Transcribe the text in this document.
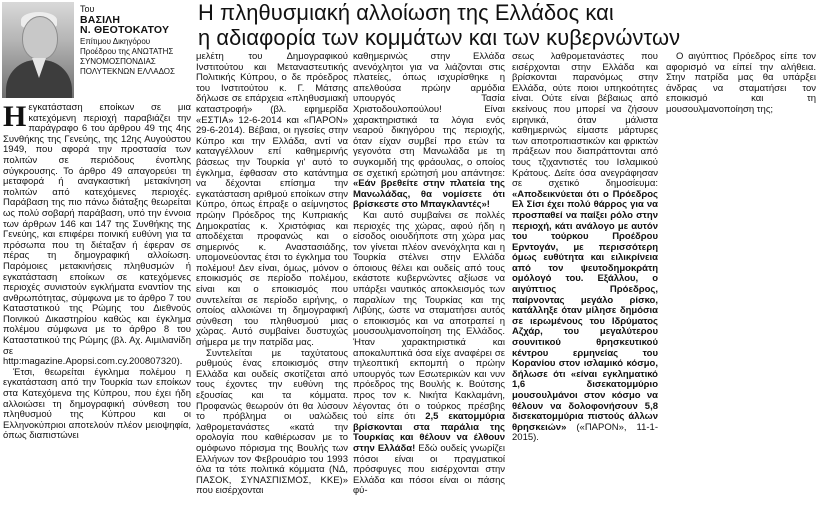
Του
ΒΑΣΙΛΗ
Ν. ΘΕΟΤΟΚΑΤΟΥ
Επίτιμου Δικηγόρου
Προέδρου της ΑΝΩΤΑΤΗΣ
ΣΥΝΟΜΟΣΠΟΝΔΙΑΣ
ΠΟΛΥΤΕΚΝΩΝ ΕΛΛΑΔΟΣ
Η πληθυσμιακή αλλοίωση της Ελλάδος και
η αδιαφορία των κομμάτων και των κυβερνώντων

Ηεγκατάσταση εποίκων σε μια κατεχόμενη περιοχή παραβιάζει την παράγραφο 6 του άρθρου 49 της 4ης Συνθήκης της Γενεύης, της 12ης Αυγούστου 1949, που αφορά την προστασία των πολιτών σε περιόδους ένοπλης σύγκρουσης. Το άρθρο 49 απαγορεύει τη μεταφορά ή αναγκαστική μετακίνηση πολιτών από κατεχόμενες περιοχές. Παράβαση της πιο πάνω διάταξης θεωρείται ως πολύ σοβαρή παράβαση, υπό την έννοια των άρθρων 146 και 147 της Συνθήκης της Γενεύης, και επιφέρει ποινική ευθύνη για τα πρόσωπα που τη διέταξαν ή έφεραν σε πέρας τη δημογραφική αλλοίωση. Παρόμοιες μετακινήσεις πληθυσμών ή εγκατάσταση εποίκων σε κατεχόμενες περιοχές συνιστούν εγκλήματα εναντίον της ανθρωπότητας, σύμφωνα με το άρθρο 7 του Καταστατικού της Ρώμης του Διεθνούς Ποινικού Δικαστηρίου καθώς και έγκλημα πολέμου σύμφωνα με το άρθρο 8 του Καταστατικού της Ρώμης (βλ. Αχ. Αιμιλιανίδη σε http:magazine.Apopsi.com.cy.200807320).

Έτσι, θεωρείται έγκλημα πολέμου η εγκατάσταση από την Τουρκία των εποίκων στα Κατεχόμενα της Κύπρου, που έχει ήδη αλλοιώσει τη δημογραφική σύνθεση του πληθυσμού της Κύπρου και οι Ελληνοκύπριοι αποτελούν πλέον μειοψηφία, όπως διαπιστώνει

μελέτη του Δημογραφικού Ινστιτούτου και Μεταναστευτικής Πολιτικής Κύπρου, ο δε πρόεδρος του Ινστιτούτου κ. Γ. Μάτσης δήλωσε σε επάρχεια «πληθυσμιακή καταστροφή» (βλ. εφημερίδα «ΕΣΤΙΑ» 12-6-2014 και «ΠΑΡΟΝ» 29-6-2014). Βέβαια, οι ηγεσίες στην Κύπρο και την Ελλάδα, αντί να καταγγέλλουν επί καθημερινής βάσεως την Τουρκία γι' αυτό το έγκλημα, έφθασαν στο κατάντημα να δέχονται επίσημα την εγκατάσταση αριθμού εποίκων στην Κύπρο, όπως έπραξε ο αείμνηστος πρώην Πρόεδρος της Κυπριακής Δημοκρατίας κ. Χριστόφιας και αποδέχεται προφανώς και ο σημερινός κ. Αναστασιάδης, υπομονεύοντας έτσι το έγκλημα του πολέμου! Δεν είναι, όμως, μόνον ο εποικισμός σε περίοδο πολέμου, είναι και ο εποικισμός που συντελείται σε περίοδο ειρήνης, ο οποίος αλλοιώνει τη δημογραφική σύνθεση του πληθυσμού μιας χώρας. Αυτό συμβαίνει δυστυχώς σήμερα με την πατρίδα μας.

Συντελείται με ταχύτατους ρυθμούς ένας εποικισμός στην Ελλάδα και ουδείς σκοτίζεται από τους έχοντες την ευθύνη της εξουσίας και τα κόμματα. Προφανώς θεωρούν ότι θα λύσουν το πρόβλημα οι υαλώδεις λαθρομετανάστες «κατά την ορολογία που καθιέρωσαν με το ομόφωνο πόρισμα της Βουλής των Ελλήνων τον Φεβρουάριο του 1993 όλα τα τότε πολιτικά κόμματα (ΝΔ, ΠΑΣΟΚ, ΣΥΝΑΣΠΙΣΜΟΣ, ΚΚΕ)» που εισέρχονται

καθημερινώς στην Ελλάδα ανενόχλητοι για να λιάζονται στις πλατείες, όπως ισχυρίσθηκε η απελθούσα πρώην αρμόδια υπουργός Τασία Χριστοδουλοπούλου! Είναι χαρακτηριστικά τα λόγια ενός νεαρού δικηγόρου της περιοχής, όταν είχαν συμβεί προ ετών τα γεγονότα στη Μανωλάδα με τη συγκομιδή της φράουλας, ο οποίος σε σχετική ερώτησή μου απάντησε: «Εάν βρεθείτε στην πλατεία της Μανωλάδας, θα νομίσετε ότι βρίσκεστε στο Μπαγκλαντές»!

Και αυτό συμβαίνει σε πολλές περιοχές της χώρας, αφού ήδη η είσοδος οιουδήποτε στη χώρα μας τον γίνεται πλέον ανενόχλητα και η Τουρκία στέλνει στην Ελλάδα όποιους θέλει και ουδείς από τους εκάστοτε κυβερνώντες αξίωσε να υπάρξει ναυτικός αποκλεισμός των παραλίων της Τουρκίας και της Λιβύης, ώστε να σταματήσει αυτός ο εποικισμός και να αποτραπεί η μουσουλμανοποίηση της Ελλάδος. Ήταν χαρακτηριστικά και αποκαλυπτικά όσα είχε αναφέρει σε τηλεοπτική εκπομπή ο πρώην υπουργός των Εσωτερικών και νυν πρόεδρος της Βουλής κ. Βούτσης προς τον κ. Νικήτα Κακλαμάνη, λέγοντας ότι ο τούρκος πρέσβης τού είπε ότι 2,5 εκατομμύρια βρίσκονται στα παράλια της Τουρκίας και θέλουν να έλθουν στην Ελλάδα! Εδώ ουδείς γνωρίζει πόσοι είναι οι πραγματικοί πρόσφυγες που εισέρχονται στην Ελλάδα και πόσοι είναι οι πάσης φύ-

σεως λαθρομετανάστες που εισέρχονται στην Ελλάδα και βρίσκονται παρανόμως στην Ελλάδα, ούτε ποιοι υπηκοότητες είναι. Ούτε είναι βέβαιως από εκείνους που μπορεί να ζήσουν ειρηνικά, όταν μάλιστα καθημερινώς είμαστε μάρτυρες των αποτροπιαστικών και φρικτών πράξεων που διαπράττονται από τους τζιχαντιστές του Ισλαμικού Κράτους. Δείτε όσα ανεγράφησαν σε σχετικό δημοσίευμα: «Αποδεικνύεται ότι ο Πρόεδρος Ελ Σίσι έχει πολύ θάρρος για να προσπαθεί να παίξει ρόλο στην περιοχή, κάτι ανάλογο με αυτόν του τούρκου Προέδρου Ερντογάν, με περισσότερη όμως ευθύτητα και ειλικρίνεια από τον ψευτοδημοκράτη ομόλογό του. Εξάλλου, ο αιγύπτιος Πρόεδρος, παίρνοντας μεγάλο ρίσκο, κατάλληξε όταν μίλησε δημόσια σε ιερωμένους του Ιδρύματος Αζχάρ, του μεγαλύτερου σουνιτικού θρησκευτικού κέντρου ερμηνείας του Κορανίου στον ισλαμικό κόσμο, δήλωσε ότι «είναι εγκληματικό 1,6 δισεκατομμύριο μουσουλμάνοι στον κόσμο να θέλουν να δολοφονήσουν 5,8 δισεκατομμύρια πιστούς άλλων θρησκειών» («ΠΑΡΟΝ», 11-1-2015).

Ο αιγύπτιος Πρόεδρος είπε τον αφορισμό να είπεί την αλήθεια. Στην πατρίδα μας θα υπάρξει άνδρας να σταματήσει τον εποικισμό και τη μουσουλμανοποίηση της;
